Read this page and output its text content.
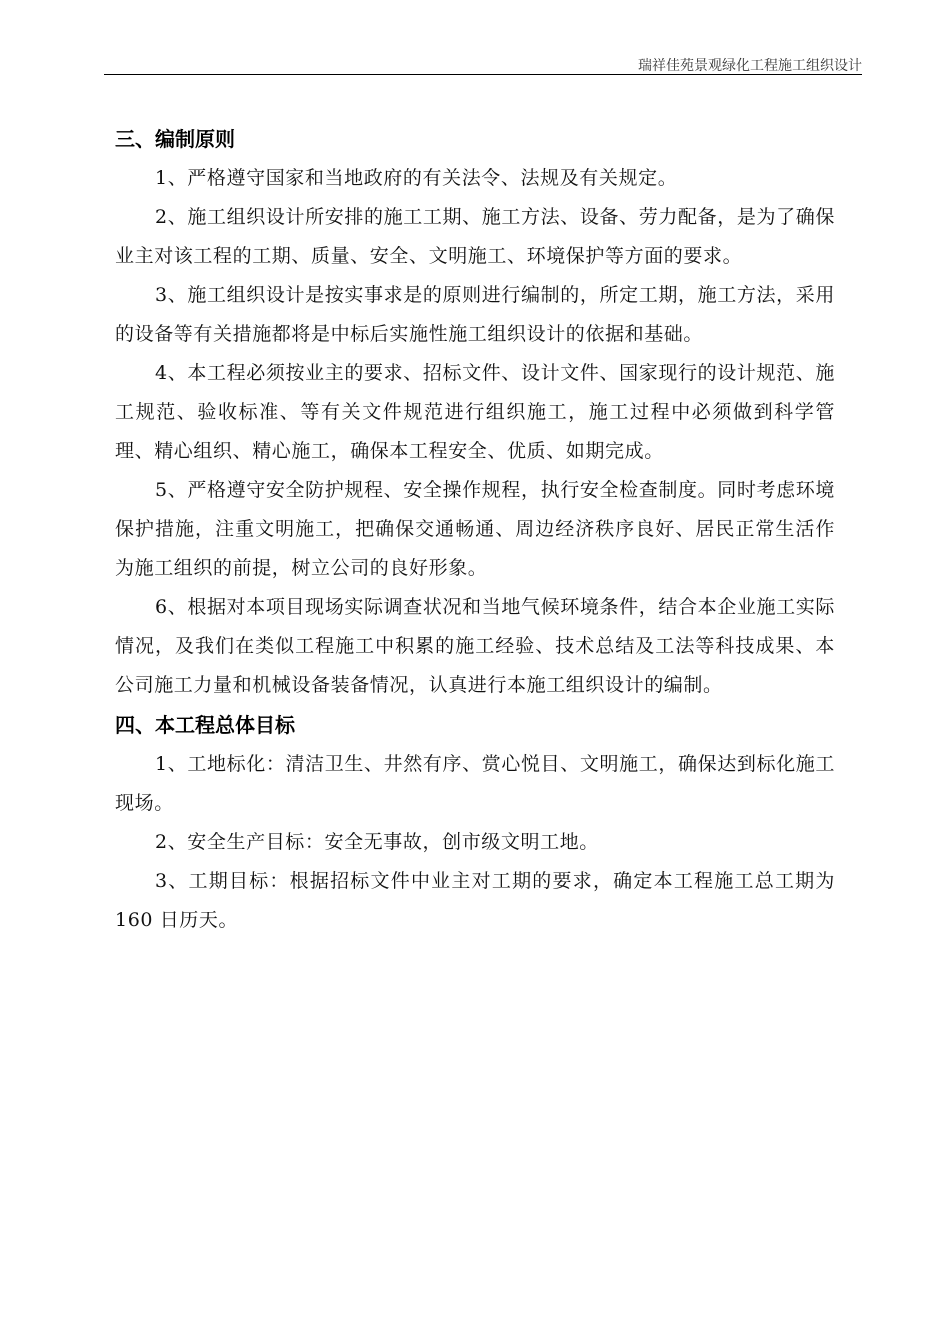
瑞祥佳苑景观绿化工程施工组织设计
三、编制原则

1、严格遵守国家和当地政府的有关法令、法规及有关规定。

2、施工组织设计所安排的施工工期、施工方法、设备、劳力配备，是为了确保业主对该工程的工期、质量、安全、文明施工、环境保护等方面的要求。

3、施工组织设计是按实事求是的原则进行编制的，所定工期，施工方法，采用的设备等有关措施都将是中标后实施性施工组织设计的依据和基础。

4、本工程必须按业主的要求、招标文件、设计文件、国家现行的设计规范、施工规范、验收标准、等有关文件规范进行组织施工，施工过程中必须做到科学管理、精心组织、精心施工，确保本工程安全、优质、如期完成。

5、严格遵守安全防护规程、安全操作规程，执行安全检查制度。同时考虑环境保护措施，注重文明施工，把确保交通畅通、周边经济秩序良好、居民正常生活作为施工组织的前提，树立公司的良好形象。

6、根据对本项目现场实际调查状况和当地气候环境条件，结合本企业施工实际情况，及我们在类似工程施工中积累的施工经验、技术总结及工法等科技成果、本公司施工力量和机械设备装备情况，认真进行本施工组织设计的编制。

四、本工程总体目标

1、工地标化：清洁卫生、井然有序、赏心悦目、文明施工，确保达到标化施工现场。

2、安全生产目标：安全无事故，创市级文明工地。

3、工期目标：根据招标文件中业主对工期的要求，确定本工程施工总工期为160 日历天。
